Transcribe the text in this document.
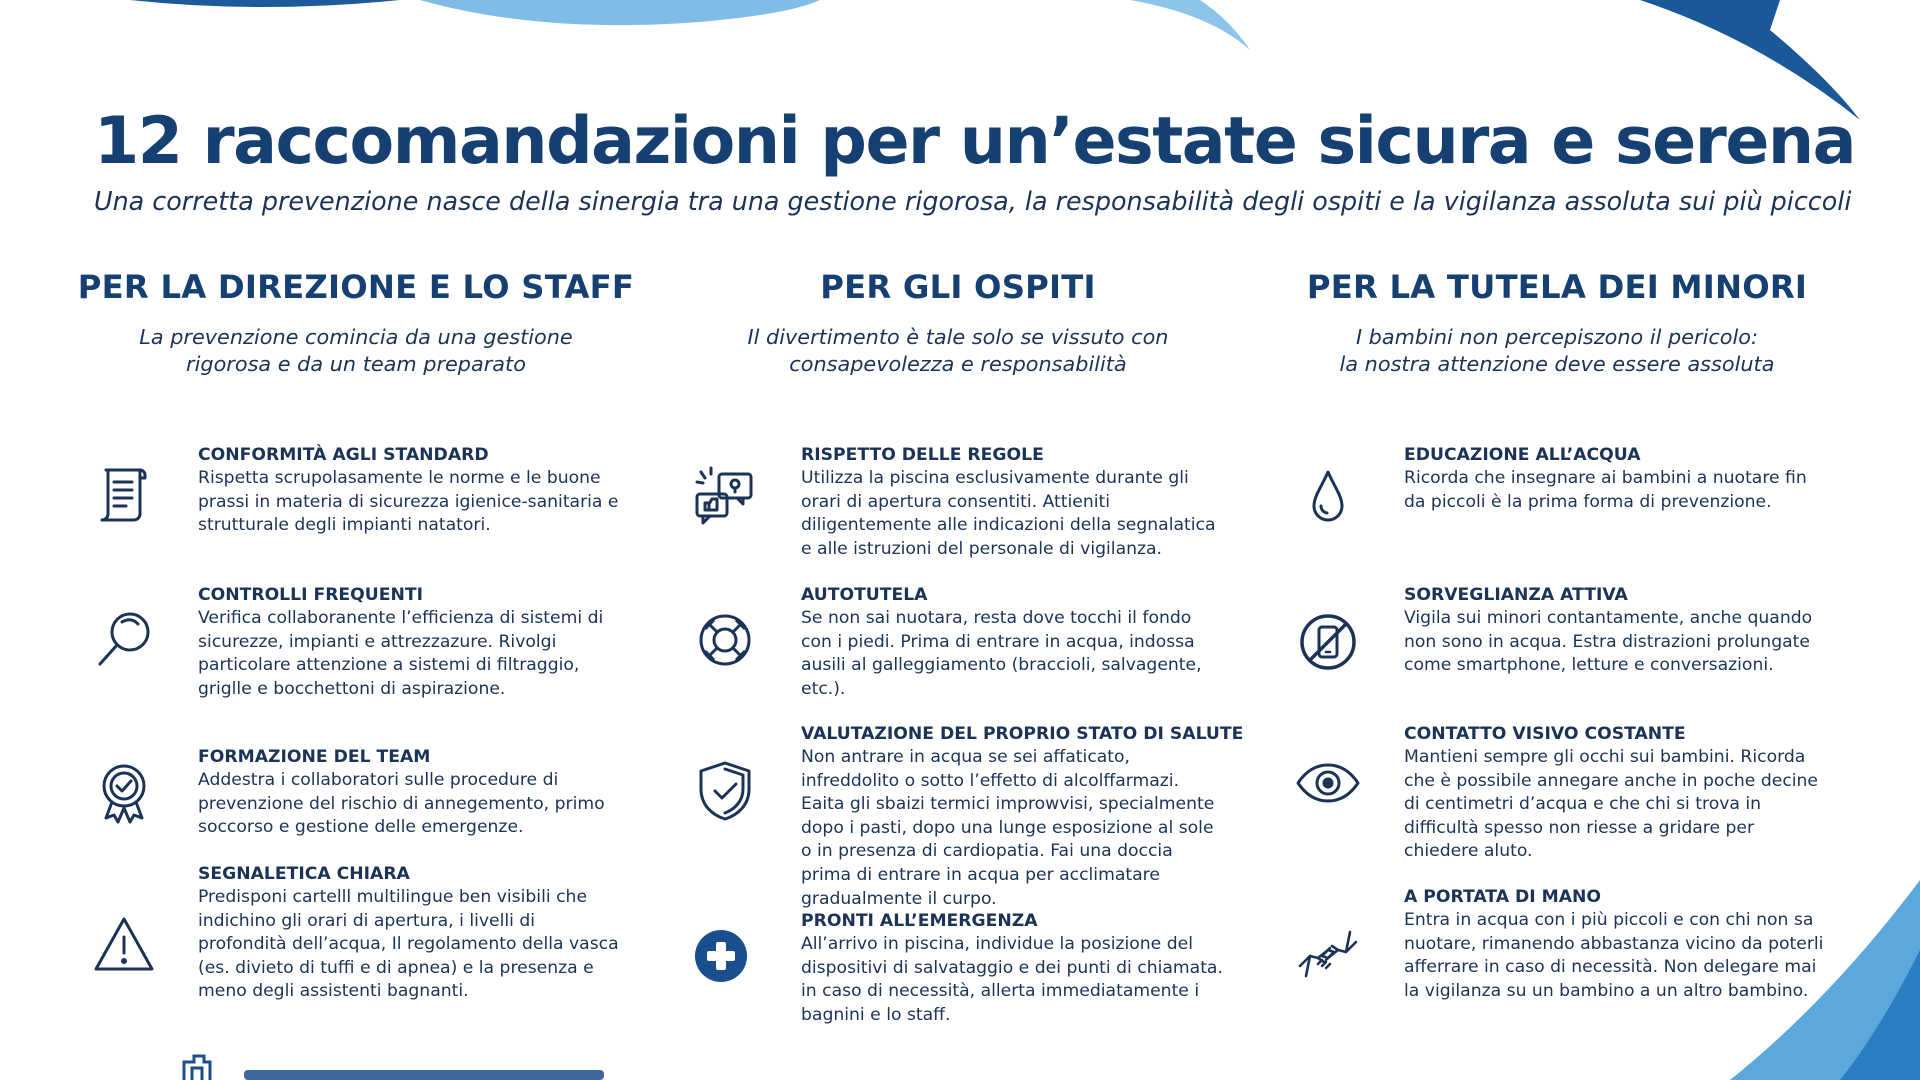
12 raccomandazioni per un’estate sicura e serena

Una corretta prevenzione nasce della sinergia tra una gestione rigorosa, la responsabilità degli ospiti e la vigilanza assoluta sui più piccoli

PER LA DIREZIONE E LO STAFF

La prevenzione comincia da una gestione
rigorosa e da un team preparato

PER GLI OSPITI

Il divertimento è tale solo se vissuto con
consapevolezza e responsabilità

PER LA TUTELA DEI MINORI

I bambini non percepiszono il pericolo:
la nostra attenzione deve essere assoluta

CONFORMITÀ AGLI STANDARD

Rispetta scrupolasamente le norme e le buone prassi in materia di sicurezza igienice-sanitaria e strutturale degli impianti natatori.

CONTROLLI FREQUENTI

Verifica collaboranente l’efficienza di sistemi di sicurezze, impianti e attrezzazure. Rivolgi particolare attenzione a sistemi di filtraggio, griglle e bocchettoni di aspirazione.

FORMAZIONE DEL TEAM

Addestra i collaboratori sulle procedure di prevenzione del rischio di annegemento, primo soccorso e gestione delle emergenze.

SEGNALETICA CHIARA

Predisponi cartelll multilingue ben visibili che indichino gli orari di apertura, i livelli di profondità dell’acqua, Il regolamento della vasca (es. divieto di tuffi e di apnea) e la presenza e meno degli assistenti bagnanti.

RISPETTO DELLE REGOLE

Utilizza la piscina esclusivamente durante gli orari di apertura consentiti. Attieniti diligentemente alle indicazioni della segnalatica e alle istruzioni del personale di vigilanza.

AUTOTUTELA

Se non sai nuotara, resta dove tocchi il fondo con i piedi. Prima di entrare in acqua, indossa ausili al galleggiamento (braccioli, salvagente, etc.).

VALUTAZIONE DEL PROPRIO STATO DI SALUTE

Non antrare in acqua se sei affaticato, infreddolito o sotto l’effetto di alcolffarmazi. Eaita gli sbaizi termici improwvisi, specialmente dopo i pasti, dopo una lunge esposizione al sole o in presenza di cardiopatia. Fai una doccia prima di entrare in acqua per acclimatare gradualmente il curpo.

PRONTI ALL’EMERGENZA

All’arrivo in piscina, individue la posizione del dispositivi di salvataggio e dei punti di chiamata. in caso di necessità, allerta immediatamente i bagnini e lo staff.

EDUCAZIONE ALL’ACQUA

Ricorda che insegnare ai bambini a nuotare fin da piccoli è la prima forma di prevenzione.

SORVEGLIANZA ATTIVA

Vigila sui minori contantamente, anche quando non sono in acqua. Estra distrazioni prolungate come smartphone, letture e conversazioni.

CONTATTO VISIVO COSTANTE

Mantieni sempre gli occhi sui bambini. Ricorda che è possibile annegare anche in poche decine di centimetri d’acqua e che chi si trova in difficultà spesso non riesse a gridare per chiedere aluto.

A PORTATA DI MANO

Entra in acqua con i più piccoli e con chi non sa nuotare, rimanendo abbastanza vicino da poterli afferrare in caso di necessità. Non delegare mai la vigilanza su un bambino a un altro bambino.
